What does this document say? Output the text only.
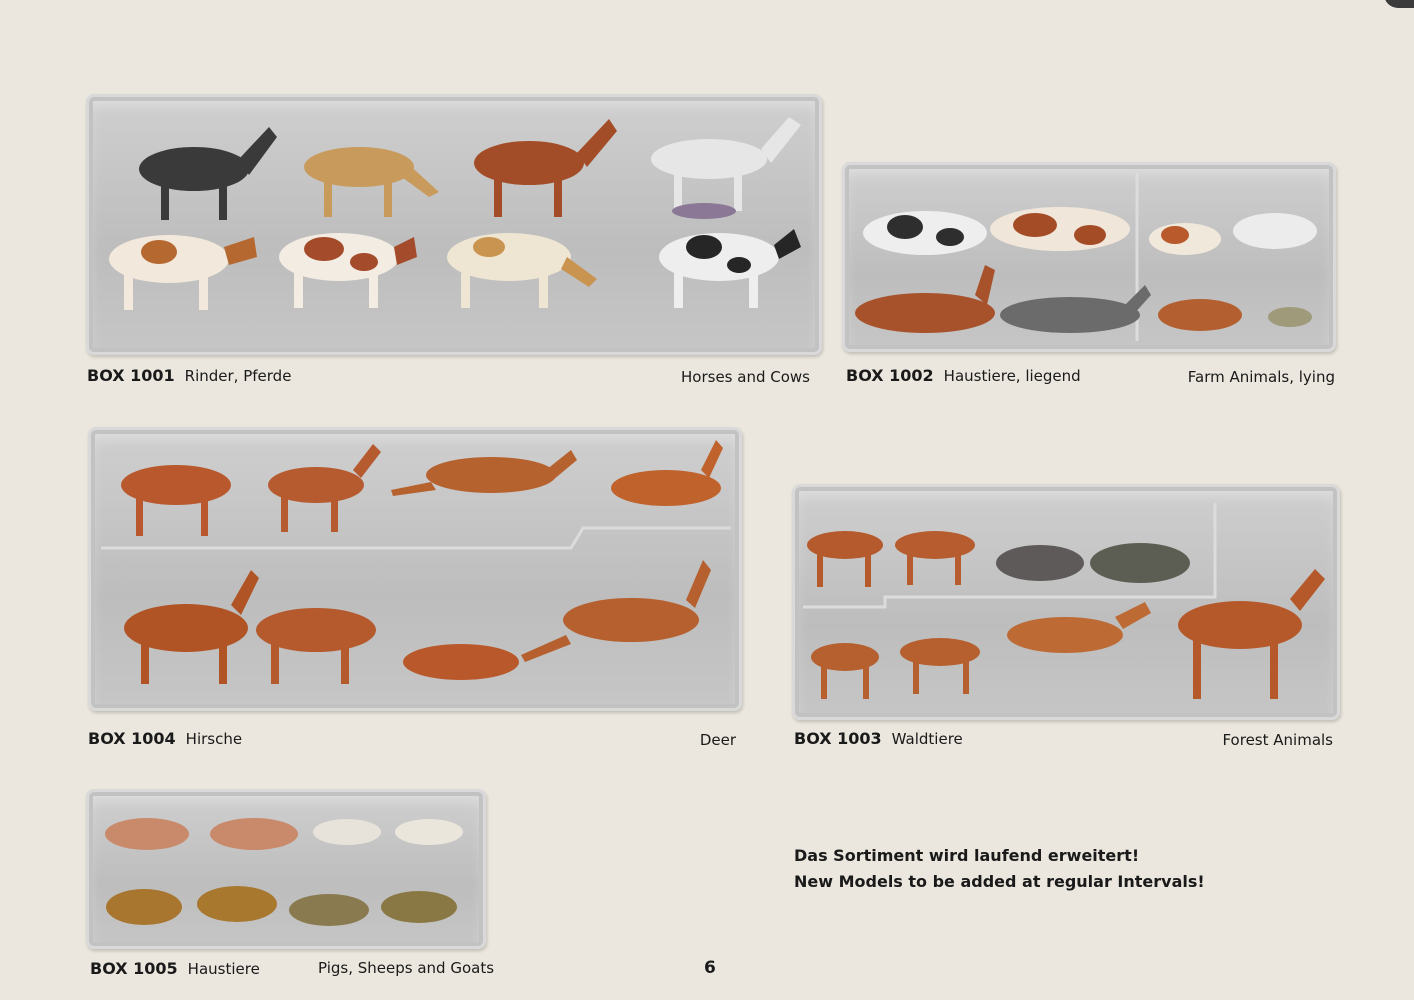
BOX 1001 Rinder, Pferde	Horses and Cows BOX 1002 Haustiere, liegend	Farm Animals, lying
BOX 1004 Hirsche	Deer	BOX 1003 Waldtiere	Forest Animals
BOX 1005 Haustiere	Pigs, Sheeps and Goats
Das Sortiment wird laufend erweitert!
New Models to be added at regular Intervals!
6
